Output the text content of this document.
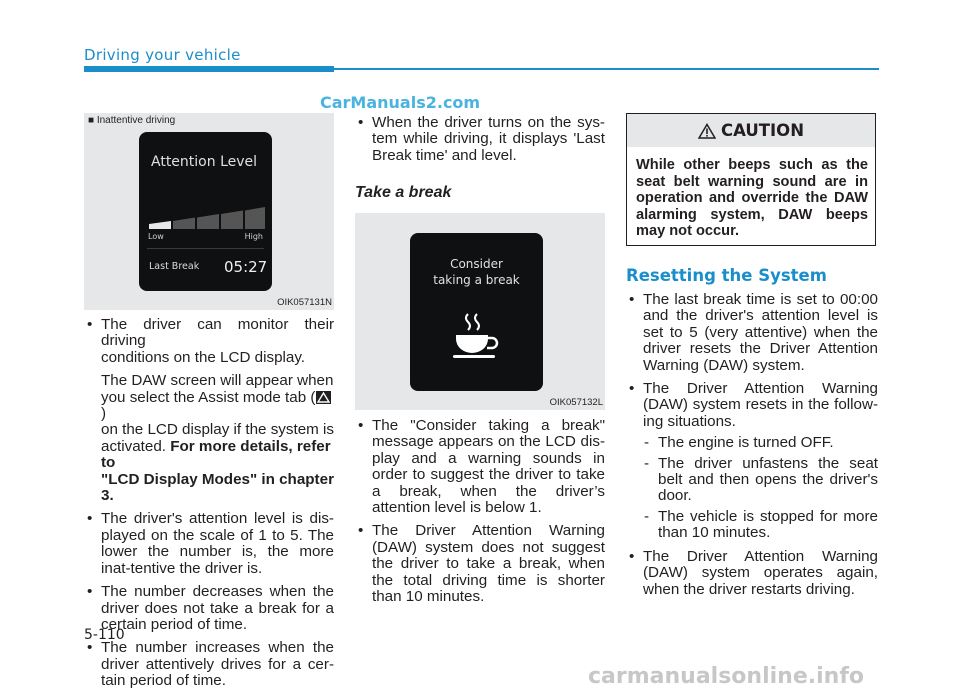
Driving your vehicle
CarManuals2.com
■ Inattentive driving
Attention Level
Low	High
Last Break 05:27
OIK057131N
• The driver can monitor their driving
conditions on the LCD display.
The DAW screen will appear when
you select the Assist mode tab (
)
on the LCD display if the system is
activated. For more details, refer to
"LCD Display Modes" in chapter 3.
• The driver's attention level is dis-played on the scale of 1 to 5. The lower the number is, the more inat-tentive the driver is.
• The number decreases when the driver does not take a break for a certain period of time.
• The number increases when the driver attentively drives for a cer-tain period of time.
• When the driver turns on the sys-tem while driving, it displays 'Last Break time' and level.
Take a break
Consider
taking a break
OIK057132L
• The "Consider taking a break" message appears on the LCD dis-play and a warning sounds in order to suggest the driver to take a break, when the driver’s attention level is below 1.
• The Driver Attention Warning (DAW) system does not suggest the driver to take a break, when the total driving time is shorter than 10 minutes.
CAUTION
While other beeps such as the seat belt warning sound are in operation and override the DAW alarming system, DAW beeps may not occur.
Resetting the System
• The last break time is set to 00:00 and the driver's attention level is set to 5 (very attentive) when the driver resets the Driver Attention Warning (DAW) system.
• The Driver Attention Warning (DAW) system resets in the follow-ing situations.
- The engine is turned OFF.
- The driver unfastens the seat belt and then opens the driver's door.
- The vehicle is stopped for more than 10 minutes.
• The Driver Attention Warning (DAW) system operates again, when the driver restarts driving.
5-110
carmanualsonline.info
